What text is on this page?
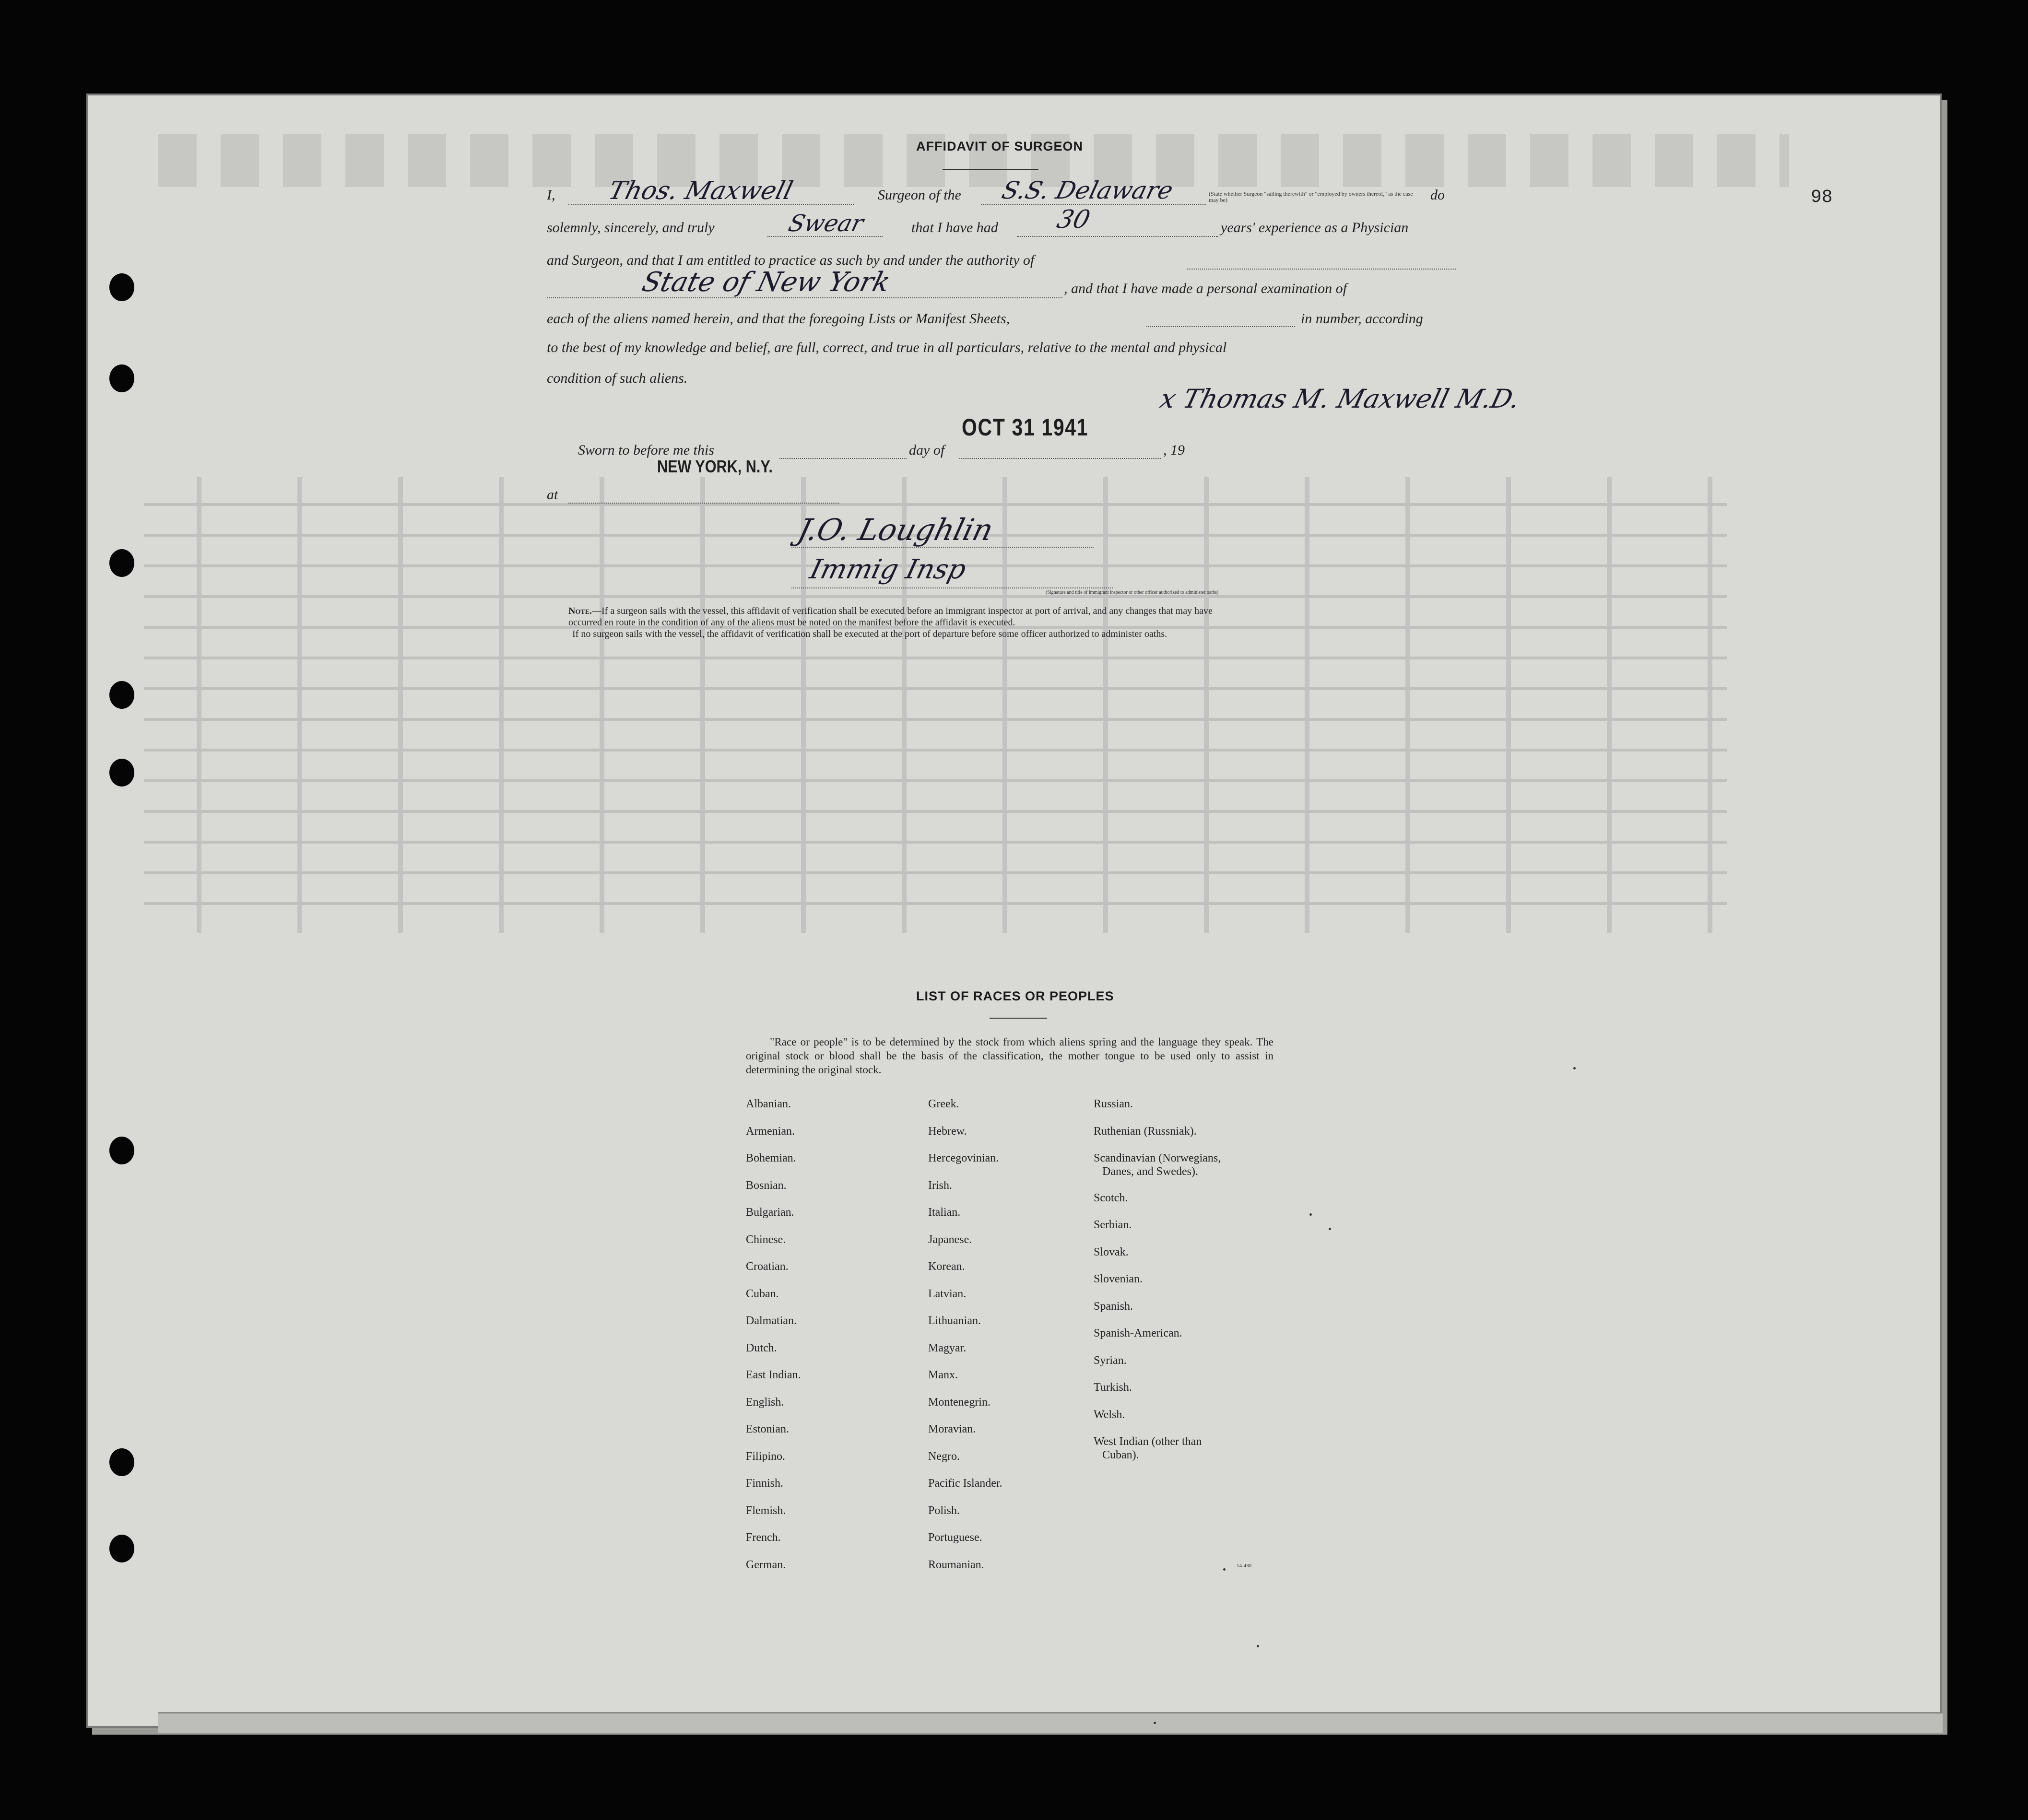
98
AFFIDAVIT OF SURGEON
I, Thos. Maxwell	Surgeon of the S.S. Delaware	(State whether Surgeon "sailing therewith" or "employed by owners thereof," as the case may be)	do
solemnly, sincerely, and truly	Swear	that I have had 30	years' experience as a Physician
and Surgeon, and that I am entitled to practice as such by and under the authority of
State of New York	, and that I have made a personal examination of
each of the aliens named herein, and that the foregoing Lists or Manifest Sheets,	in number, according
to the best of my knowledge and belief, are full, correct, and true in all particulars, relative to the mental and physical
condition of such aliens.
x Thomas M. Maxwell M.D.
OCT 31 1941
Sworn to before me this	day of	, 19
NEW YORK, N.Y.
at
J.O. Loughlin
Immig Insp
(Signature and title of immigrant inspector or other officer authorized to administer oaths)
Note.—If a surgeon sails with the vessel, this affidavit of verification shall be executed before an immigrant inspector at port of arrival, and any changes that may have
occurred en route in the condition of any of the aliens must be noted on the manifest before the affidavit is executed.
If no surgeon sails with the vessel, the affidavit of verification shall be executed at the port of departure before some officer authorized to administer oaths.
LIST OF RACES OR PEOPLES
"Race or people" is to be determined by the stock from which aliens spring and the language they speak. The original stock or blood shall be the basis of the classification, the mother tongue to be used only to assist in determining the original stock.
Albanian.
Armenian.
Bohemian.
Bosnian.
Bulgarian.
Chinese.
Croatian.
Cuban.
Dalmatian.
Dutch.
East Indian.
English.
Estonian.
Filipino.
Finnish.
Flemish.
French.
German.
Greek.
Hebrew.
Hercegovinian.
Irish.
Italian.
Japanese.
Korean.
Latvian.
Lithuanian.
Magyar.
Manx.
Montenegrin.
Moravian.
Negro.
Pacific Islander.
Polish.
Portuguese.
Roumanian.
Russian.
Ruthenian (Russniak).
Scandinavian (Norwegians,
Danes, and Swedes).
Scotch.
Serbian.
Slovak.
Slovenian.
Spanish.
Spanish-American.
Syrian.
Turkish.
Welsh.
West Indian (other than
Cuban).
14-430
